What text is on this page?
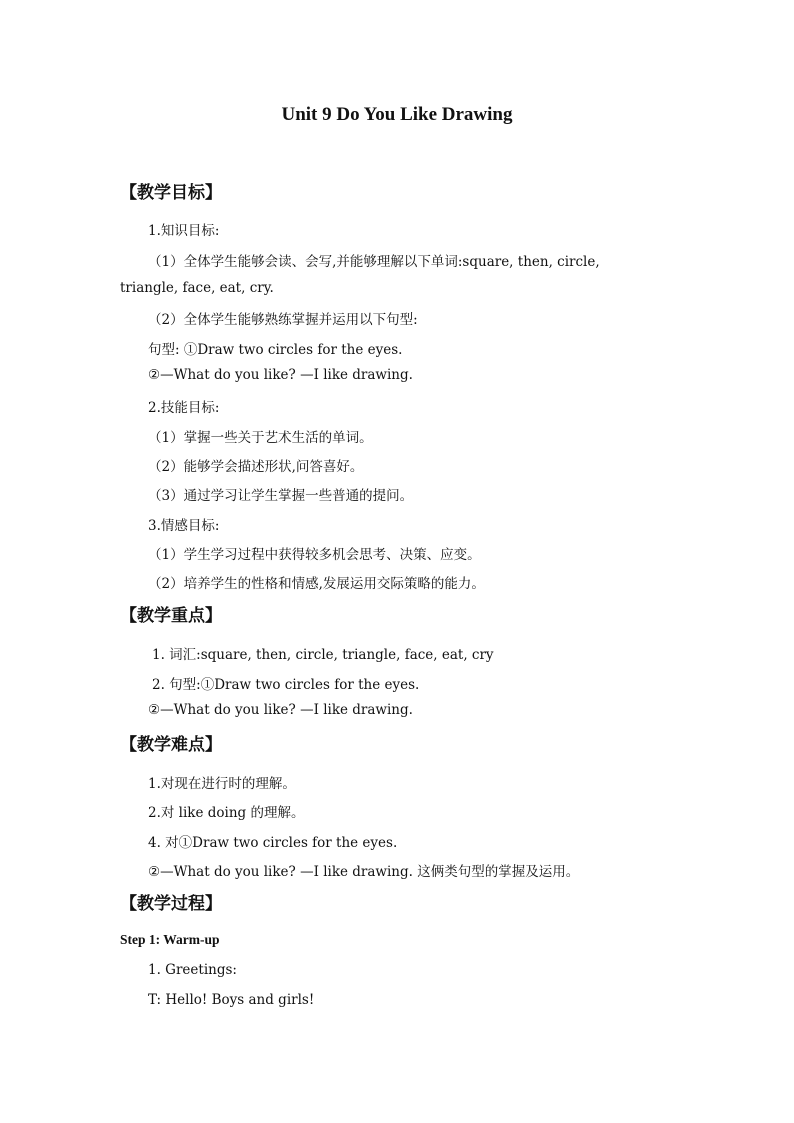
Unit 9 Do You Like Drawing
【教学目标】
1.知识目标:
（1）全体学生能够会读、会写,并能够理解以下单词:square, then, circle,
triangle, face, eat, cry.
（2）全体学生能够熟练掌握并运用以下句型:
句型: ①Draw two circles for the eyes.
②—What do you like? —I like drawing.
2.技能目标:
（1）掌握一些关于艺术生活的单词。
（2）能够学会描述形状,问答喜好。
（3）通过学习让学生掌握一些普通的提问。
3.情感目标:
（1）学生学习过程中获得较多机会思考、决策、应变。
（2）培养学生的性格和情感,发展运用交际策略的能力。
【教学重点】
1. 词汇:square, then, circle, triangle, face, eat, cry
2. 句型:①Draw two circles for the eyes.
②—What do you like? —I like drawing.
【教学难点】
1.对现在进行时的理解。
2.对 like doing 的理解。
4. 对①Draw two circles for the eyes.
②—What do you like? —I like drawing. 这俩类句型的掌握及运用。
【教学过程】
Step 1: Warm-up
1. Greetings:
T: Hello! Boys and girls!
